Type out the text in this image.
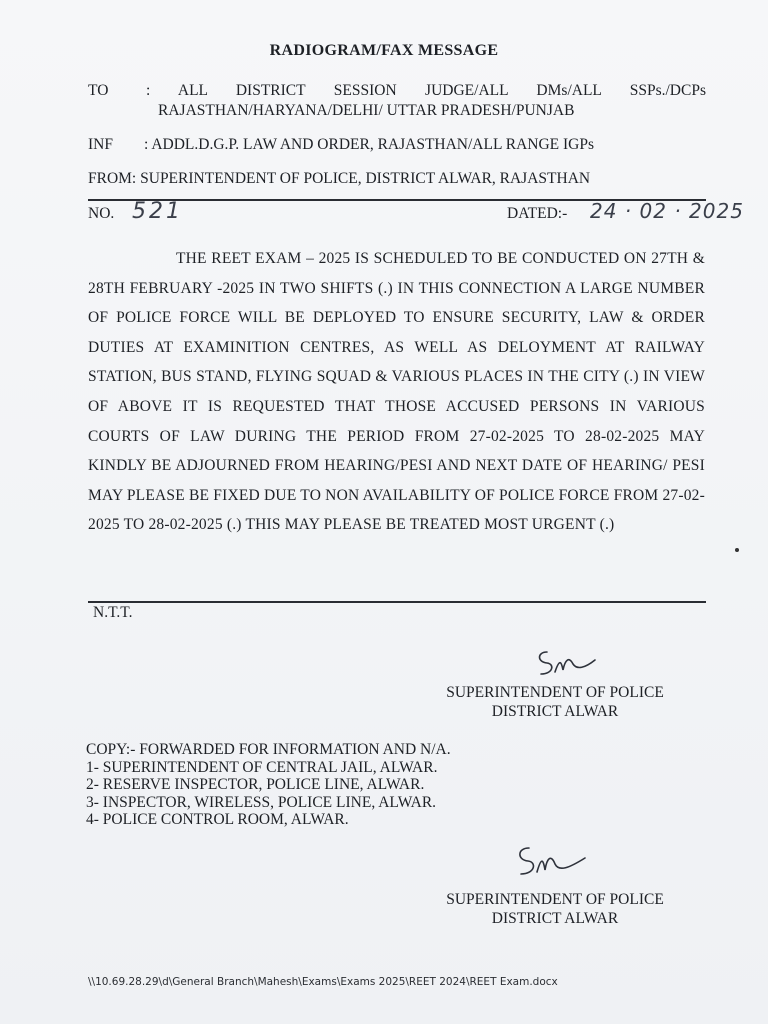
RADIOGRAM/FAX MESSAGE
TO : ALL DISTRICT SESSION JUDGE/ALL DMs/ALL SSPs./DCPs
RAJASTHAN/HARYANA/DELHI/ UTTAR PRADESH/PUNJAB
INF : ADDL.D.G.P. LAW AND ORDER, RAJASTHAN/ALL RANGE IGPs
FROM: SUPERINTENDENT OF POLICE, DISTRICT ALWAR, RAJASTHAN
NO. 521	DATED:- 24 · 02 · 2025
THE REET EXAM – 2025 IS SCHEDULED TO BE CONDUCTED ON 27TH & 28TH FEBRUARY -2025 IN TWO SHIFTS (.) IN THIS CONNECTION A LARGE NUMBER OF POLICE FORCE WILL BE DEPLOYED TO ENSURE SECURITY, LAW & ORDER DUTIES AT EXAMINITION CENTRES, AS WELL AS DELOYMENT AT RAILWAY STATION, BUS STAND, FLYING SQUAD & VARIOUS PLACES IN THE CITY (.) IN VIEW OF ABOVE IT IS REQUESTED THAT THOSE ACCUSED PERSONS IN VARIOUS COURTS OF LAW DURING THE PERIOD FROM 27-02-2025 TO 28-02-2025 MAY KINDLY BE ADJOURNED FROM HEARING/PESI AND NEXT DATE OF HEARING/ PESI MAY PLEASE BE FIXED DUE TO NON AVAILABILITY OF POLICE FORCE FROM 27-02-2025 TO 28-02-2025 (.) THIS MAY PLEASE BE TREATED MOST URGENT (.)
N.T.T.
SUPERINTENDENT OF POLICE
DISTRICT ALWAR
COPY:- FORWARDED FOR INFORMATION AND N/A.
1- SUPERINTENDENT OF CENTRAL JAIL, ALWAR.
2- RESERVE INSPECTOR, POLICE LINE, ALWAR.
3- INSPECTOR, WIRELESS, POLICE LINE, ALWAR.
4- POLICE CONTROL ROOM, ALWAR.
SUPERINTENDENT OF POLICE
DISTRICT ALWAR
\\10.69.28.29\d\General Branch\Mahesh\Exams\Exams 2025\REET 2024\REET Exam.docx
